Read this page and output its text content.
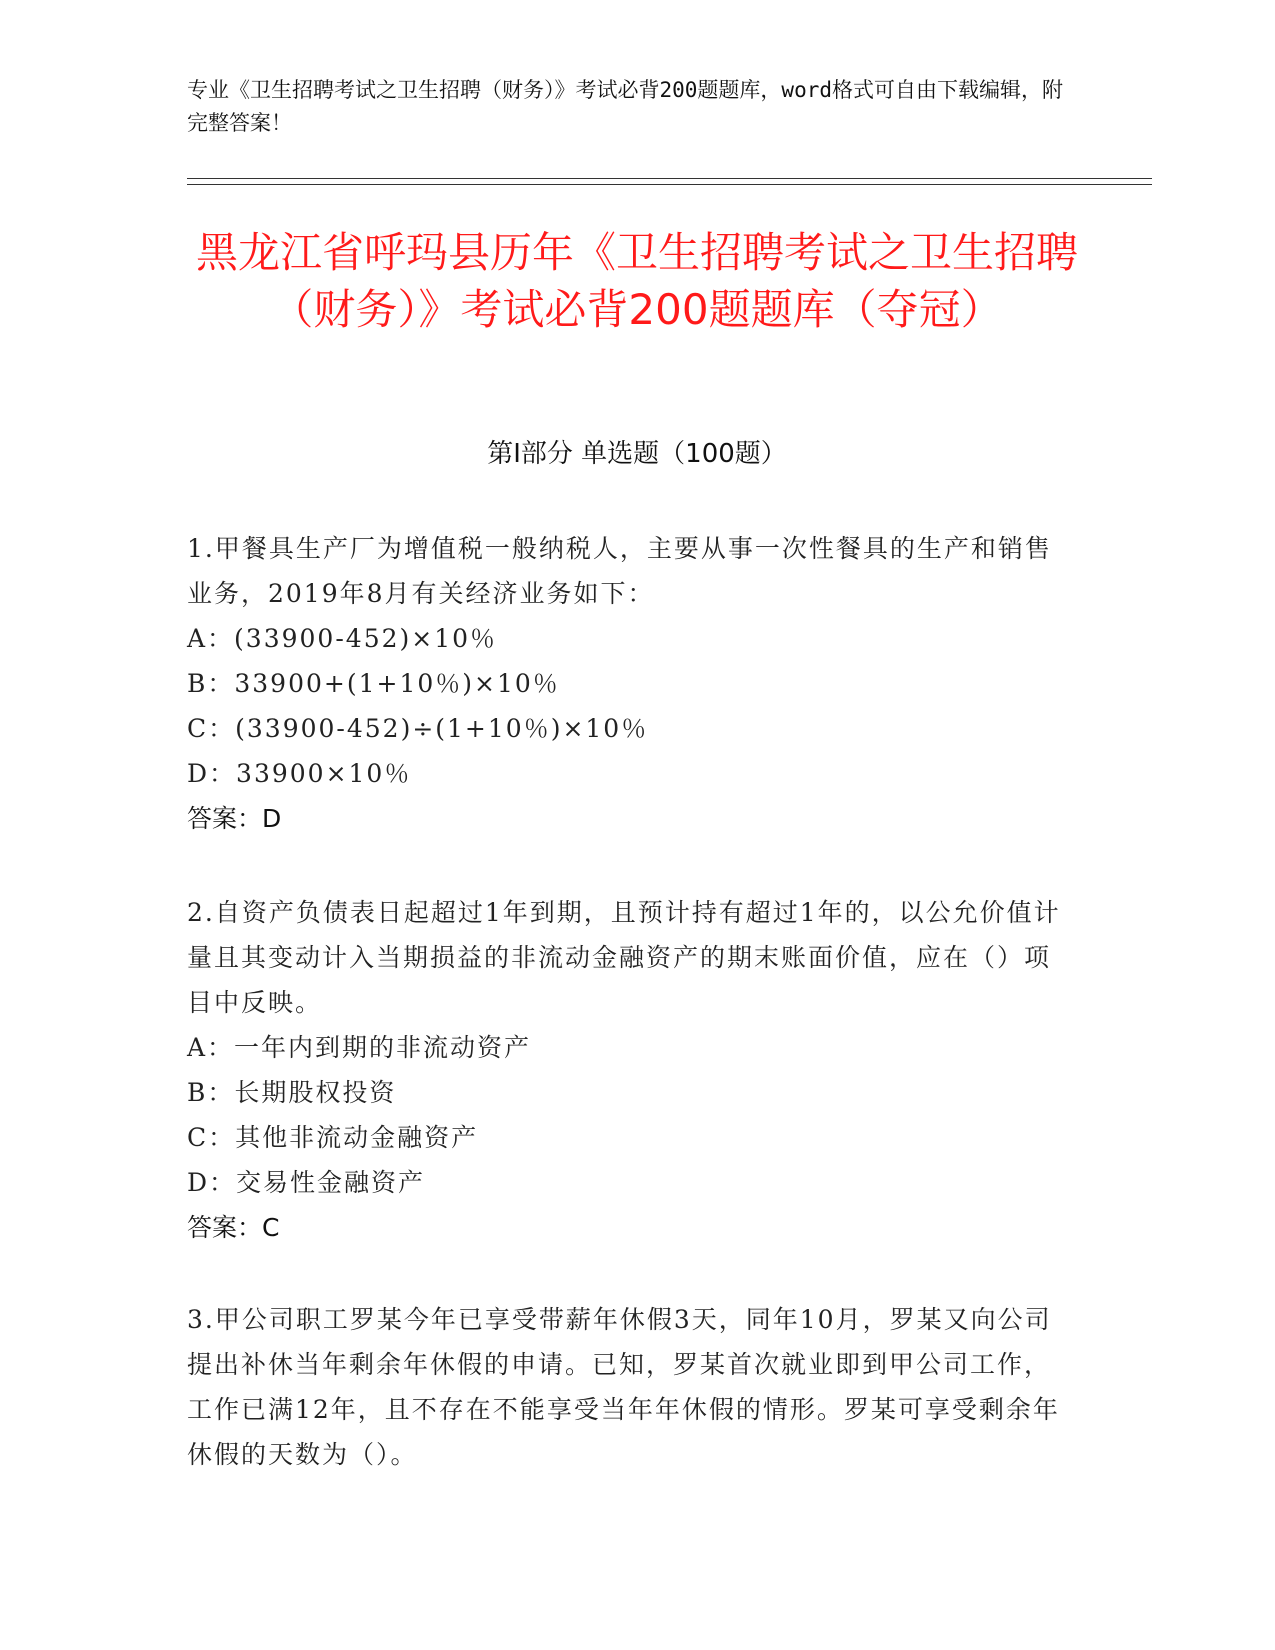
专业《卫生招聘考试之卫生招聘（财务）》考试必背200题题库，word格式可自由下载编辑，附完整答案！
黑龙江省呼玛县历年《卫生招聘考试之卫生招聘（财务）》考试必背200题题库（夺冠）
第Ⅰ部分 单选题（100题）
1.甲餐具生产厂为增值税一般纳税人，主要从事一次性餐具的生产和销售业务，2019年8月有关经济业务如下：
A：(33900-452)×10％
B：33900+(1+10％)×10％
C：(33900-452)÷(1+10％)×10％
D：33900×10％
答案：D
2.自资产负债表日起超过1年到期，且预计持有超过1年的，以公允价值计量且其变动计入当期损益的非流动金融资产的期末账面价值，应在（）项目中反映。
A：一年内到期的非流动资产
B：长期股权投资
C：其他非流动金融资产
D：交易性金融资产
答案：C
3.甲公司职工罗某今年已享受带薪年休假3天，同年10月，罗某又向公司提出补休当年剩余年休假的申请。已知，罗某首次就业即到甲公司工作，工作已满12年，且不存在不能享受当年年休假的情形。罗某可享受剩余年休假的天数为（）。
